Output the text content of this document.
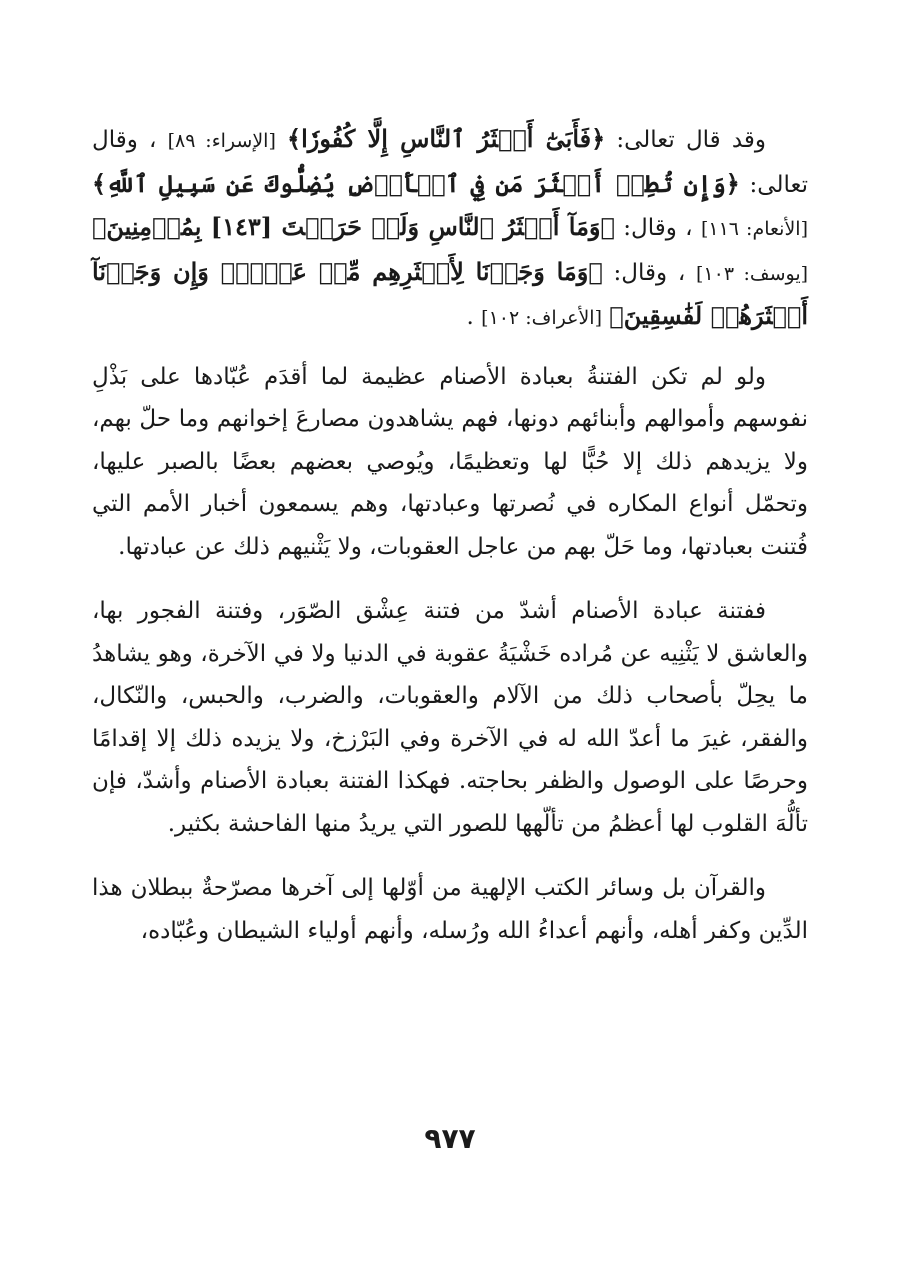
وقد قال تعالى: ﴿فَأَبَىٰٓ أَكۡثَرُ ٱلنَّاسِ إِلَّا كُفُورٗا﴾ [الإسراء: ٨٩] ، وقال تعالى: ﴿وَإِن تُطِعۡ أَكۡثَرَ مَن فِي ٱلۡأَرۡضِ يُضِلُّوكَ عَن سَبِيلِ ٱللَّهِ﴾ [الأنعام: ١١٦] ، وقال: ﴿وَمَآ أَكۡثَرُ ٱلنَّاسِ وَلَوۡ حَرَصۡتَ [١٤٣] بِمُؤۡمِنِينَ﴾ [يوسف: ١٠٣] ، وقال: ﴿وَمَا وَجَدۡنَا لِأَكۡثَرِهِم مِّنۡ عَهۡدٖۖ وَإِن وَجَدۡنَآ أَكۡثَرَهُمۡ لَفَٰسِقِينَ﴾ [الأعراف: ١٠٢] .

ولو لم تكن الفتنةُ بعبادة الأصنام عظيمة لما أقدَم عُبّادها على بَذْلِ نفوسهم وأموالهم وأبنائهم دونها، فهم يشاهدون مصارعَ إخوانهم وما حلّ بهم، ولا يزيدهم ذلك إلا حُبًّا لها وتعظيمًا، ويُوصي بعضهم بعضًا بالصبر عليها، وتحمّل أنواع المكاره في نُصرتها وعبادتها، وهم يسمعون أخبار الأمم التي فُتنت بعبادتها، وما حَلّ بهم من عاجل العقوبات، ولا يَثْنيهم ذلك عن عبادتها.

ففتنة عبادة الأصنام أشدّ من فتنة عِشْق الصّوَر، وفتنة الفجور بها، والعاشق لا يَثْنِيه عن مُراده خَشْيَةُ عقوبة في الدنيا ولا في الآخرة، وهو يشاهدُ ما يحِلّ بأصحاب ذلك من الآلام والعقوبات، والضرب، والحبس، والنّكال، والفقر، غيرَ ما أعدّ الله له في الآخرة وفي البَرْزخ، ولا يزيده ذلك إلا إقدامًا وحرصًا على الوصول والظفر بحاجته. فهكذا الفتنة بعبادة الأصنام وأشدّ، فإن تألُّهَ القلوب لها أعظمُ من تألّهها للصور التي يريدُ منها الفاحشة بكثير.

والقرآن بل وسائر الكتب الإلهية من أوّلها إلى آخرها مصرّحةٌ ببطلان هذا الدِّين وكفر أهله، وأنهم أعداءُ الله ورُسله، وأنهم أولياء الشيطان وعُبّاده،

٩٧٧
